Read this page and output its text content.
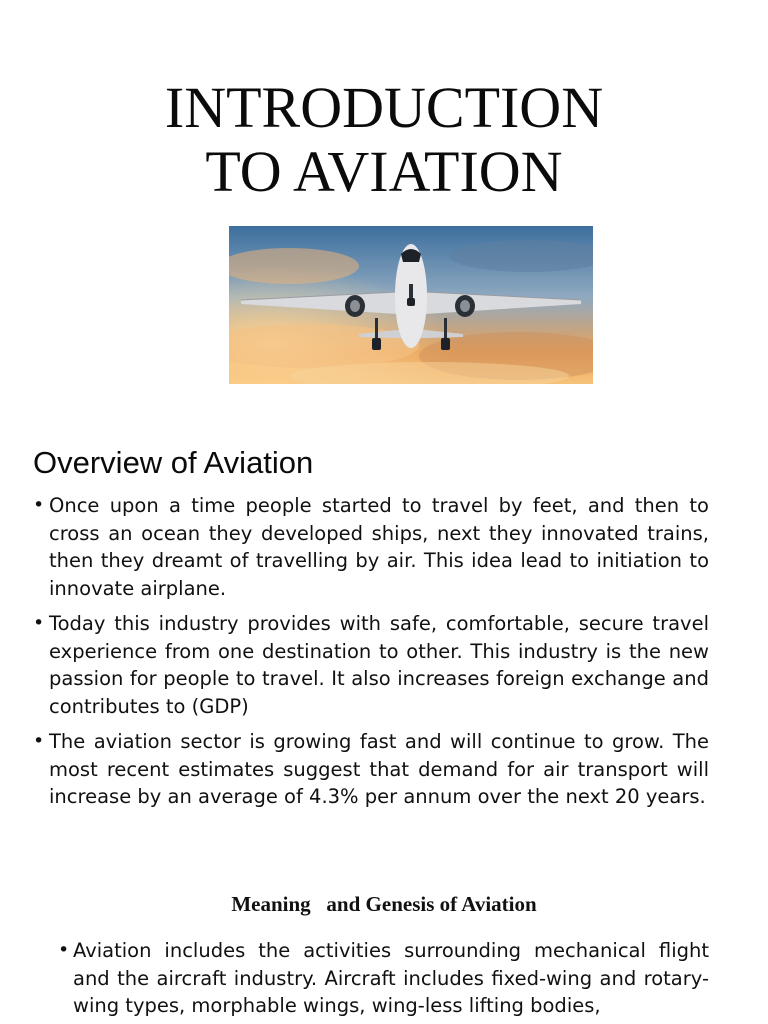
INTRODUCTION
TO AVIATION
Overview of Aviation
• Once upon a time people started to travel by feet, and then to cross an ocean they developed ships, next they innovated trains, then they dreamt of travelling by air. This idea lead to initiation to innovate airplane.
• Today this industry provides with safe, comfortable, secure travel experience from one destination to other. This industry is the new passion for people to travel. It also increases foreign exchange and contributes to (GDP)
• The aviation sector is growing fast and will continue to grow. The most recent estimates suggest that demand for air transport will increase by an average of 4.3% per annum over the next 20 years.
Meaning   and Genesis of Aviation
• Aviation includes the activities surrounding mechanical flight and the aircraft industry. Aircraft includes fixed-wing and rotary-wing types, morphable wings, wing-less lifting bodies,
